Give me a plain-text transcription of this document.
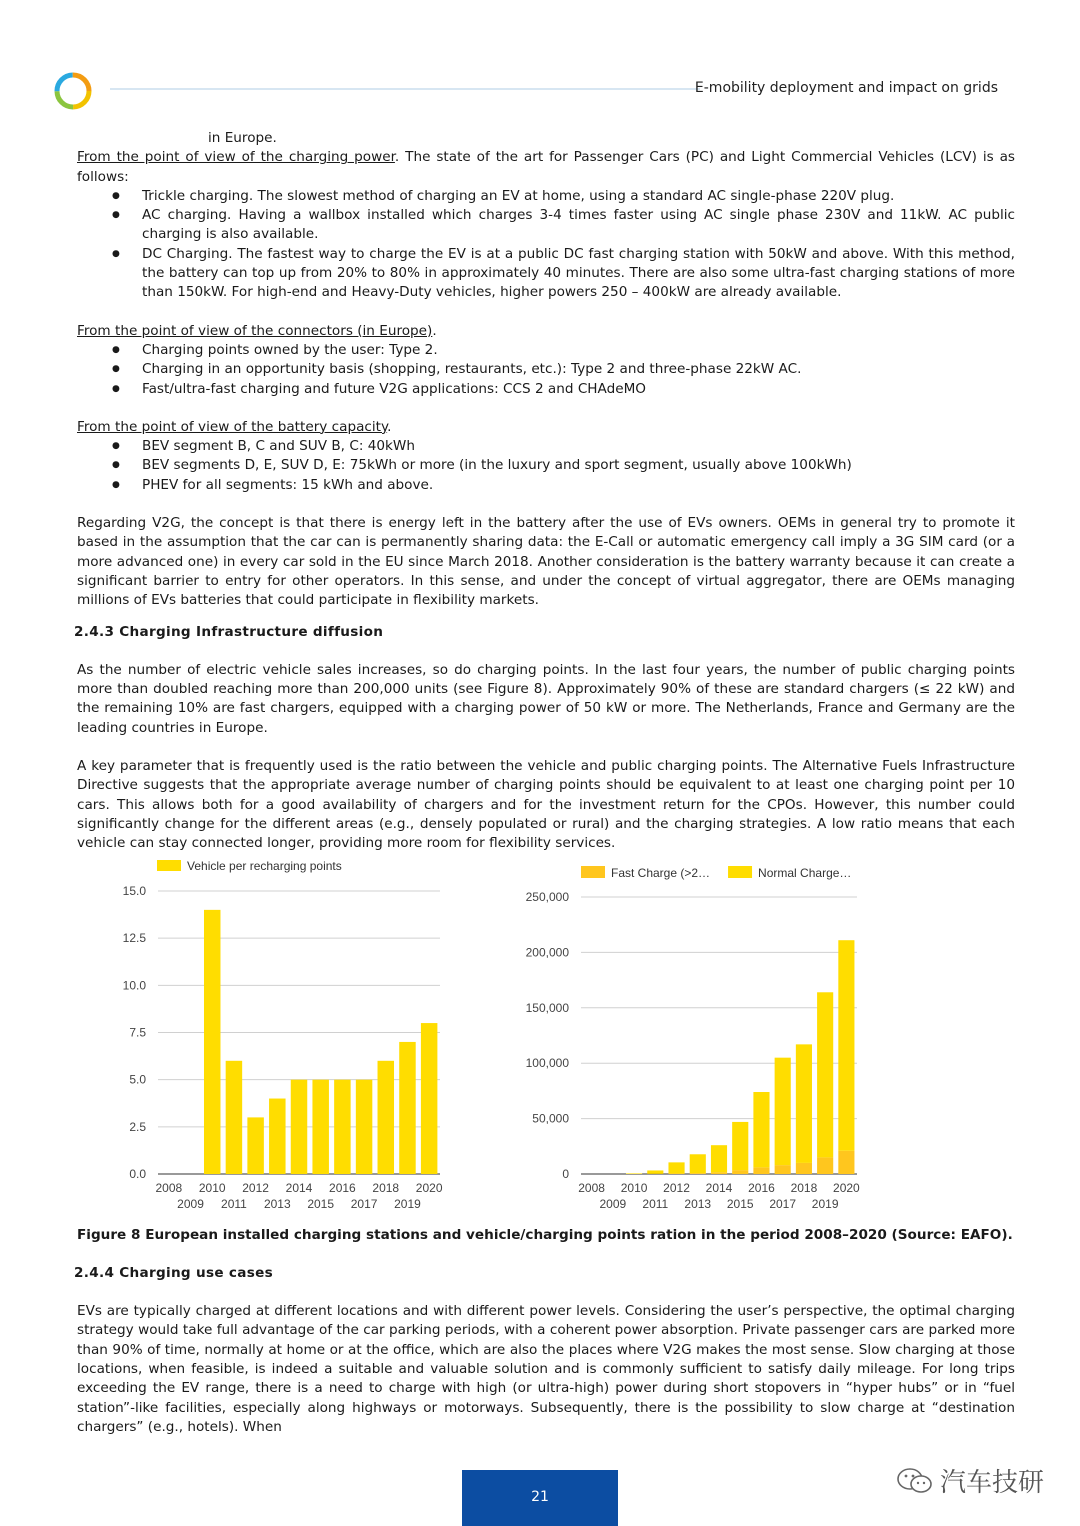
E-mobility deployment and impact on grids

in Europe.

From the point of view of the charging power. The state of the art for Passenger Cars (PC) and Light Commercial Vehicles (LCV) is as follows:

● Trickle charging. The slowest method of charging an EV at home, using a standard AC single-phase 220V plug.
● AC charging. Having a wallbox installed which charges 3-4 times faster using AC single phase 230V and 11kW. AC public charging is also available.
● DC Charging. The fastest way to charge the EV is at a public DC fast charging station with 50kW and above. With this method, the battery can top up from 20% to 80% in approximately 40 minutes. There are also some ultra-fast charging stations of more than 150kW. For high-end and Heavy-Duty vehicles, higher powers 250 – 400kW are already available.

From the point of view of the connectors (in Europe).

● Charging points owned by the user: Type 2.
● Charging in an opportunity basis (shopping, restaurants, etc.): Type 2 and three-phase 22kW AC.
● Fast/ultra-fast charging and future V2G applications: CCS 2 and CHAdeMO

From the point of view of the battery capacity.

● BEV segment B, C and SUV B, C: 40kWh
● BEV segments D, E, SUV D, E: 75kWh or more (in the luxury and sport segment, usually above 100kWh)
● PHEV for all segments: 15 kWh and above.

Regarding V2G, the concept is that there is energy left in the battery after the use of EVs owners. OEMs in general try to promote it based in the assumption that the car can is permanently sharing data: the E-Call or automatic emergency call imply a 3G SIM card (or a more advanced one) in every car sold in the EU since March 2018. Another consideration is the battery warranty because it can create a significant barrier to entry for other operators. In this sense, and under the concept of virtual aggregator, there are OEMs managing millions of EVs batteries that could participate in flexibility markets.

2.4.3 Charging Infrastructure diffusion

As the number of electric vehicle sales increases, so do charging points. In the last four years, the number of public charging points more than doubled reaching more than 200,000 units (see Figure 8). Approximately 90% of these are standard chargers (≤ 22 kW) and the remaining 10% are fast chargers, equipped with a charging power of 50 kW or more. The Netherlands, France and Germany are the leading countries in Europe.

A key parameter that is frequently used is the ratio between the vehicle and public charging points. The Alternative Fuels Infrastructure Directive suggests that the appropriate average number of charging points should be equivalent to at least one charging point per 10 cars. This allows both for a good availability of chargers and for the investment return for the CPOs. However, this number could significantly change for the different areas (e.g., densely populated or rural) and the charging strategies. A low ratio means that each vehicle can stay connected longer, providing more room for flexibility services.

0.0
2.5
5.0
7.5
10.0
12.5
15.0
2008 2010 2012 2014 2016 2018 2020
2009 2011 2013 2015 2017 2019
Vehicle per recharging points
0
50,000
100,000
150,000
200,000
250,000
2008 2010 2012 2014 2016 2018 2020
2009 2011 2013 2015 2017 2019
Fast Charge (>2…	Normal Charge…

Figure 8 European installed charging stations and vehicle/charging points ration in the period 2008–2020 (Source: EAFO).

2.4.4 Charging use cases

EVs are typically charged at different locations and with different power levels. Considering the user’s perspective, the optimal charging strategy would take full advantage of the car parking periods, with a coherent power absorption. Private passenger cars are parked more than 90% of time, normally at home or at the office, which are also the places where V2G makes the most sense. Slow charging at those locations, when feasible, is indeed a suitable and valuable solution and is commonly sufficient to satisfy daily mileage. For long trips exceeding the EV range, there is a need to charge with high (or ultra-high) power during short stopovers in “hyper hubs” or in “fuel station”-like facilities, especially along highways or motorways. Subsequently, there is the possibility to slow charge at “destination chargers” (e.g., hotels). When

汽车技研
21
